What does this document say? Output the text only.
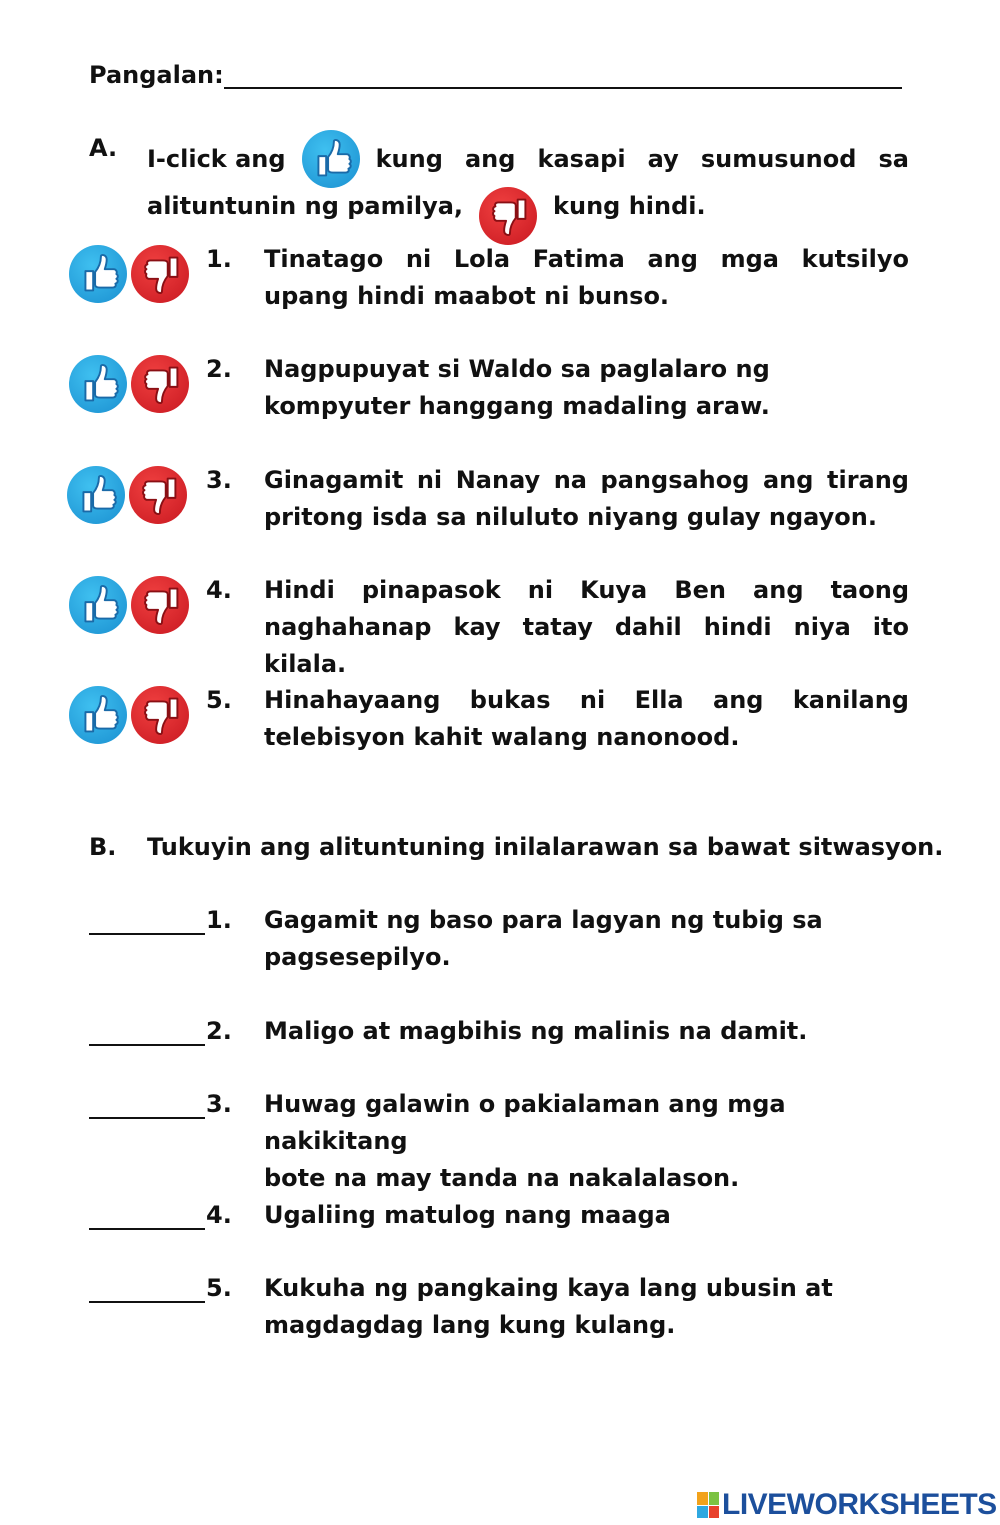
Pangalan:
A. I-click ang	kung ang kasapi ay sumusunod sa
alituntunin ng pamilya,	kung hindi.
1.	Tinatago ni Lola Fatima ang mga kutsilyo upang hindi maabot ni bunso.
2.	Nagpupuyat si Waldo sa paglalaro ng kompyuter hanggang madaling araw.
3.	Ginagamit ni Nanay na pangsahog ang tirang pritong isda sa niluluto niyang gulay ngayon.
4.	Hindi pinapasok ni Kuya Ben ang taong naghahanap kay tatay dahil hindi niya ito kilala.
5.	Hinahayaang bukas ni Ella ang kanilang telebisyon kahit walang nanonood.
B. Tukuyin ang alituntuning inilalarawan sa bawat sitwasyon.
1. Gagamit ng baso para lagyan ng tubig sa
pagsesepilyo.
2. Maligo at magbihis ng malinis na damit.
3. Huwag galawin o pakialaman ang mga nakikitang
bote na may tanda na nakalalason.
4. Ugaliing matulog nang maaga
5. Kukuha ng pangkaing kaya lang ubusin at
magdagdag lang kung kulang.
LIVEWORKSHEETS
